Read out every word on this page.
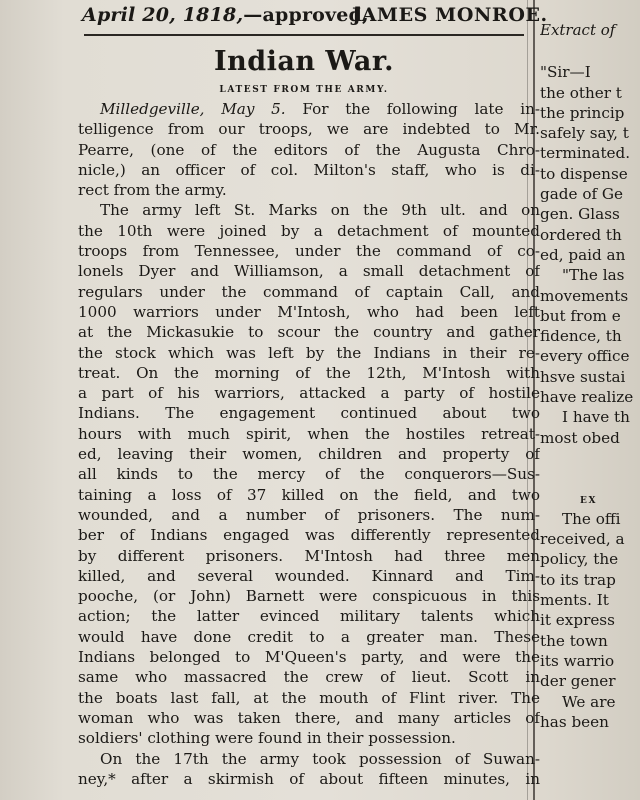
April 20, 1818,—approved,
JAMES MONROE.
Indian War.
LATEST FROM THE ARMY.
Milledgeville, May 5. For the following late in-
telligence from our troops, we are indebted to Mr.
Pearre, (one of the editors of the Augusta Chro-
nicle,) an officer of col. Milton's staff, who is di-
rect from the army.
The army left St. Marks on the 9th ult. and on
the 10th were joined by a detachment of mounted
troops from Tennessee, under the command of co-
lonels Dyer and Williamson, a small detachment of
regulars under the command of captain Call, and
1000 warriors under M'Intosh, who had been left
at the Mickasukie to scour the country and gather
the stock which was left by the Indians in their re-
treat. On the morning of the 12th, M'Intosh with
a part of his warriors, attacked a party of hostile
Indians. The engagement continued about two
hours with much spirit, when the hostiles retreat-
ed, leaving their women, children and property of
all kinds to the mercy of the conquerors—Sus-
taining a loss of 37 killed on the field, and two
wounded, and a number of prisoners. The num-
ber of Indians engaged was differently represented
by different prisoners. M'Intosh had three men
killed, and several wounded. Kinnard and Tim-
pooche, (or John) Barnett were conspicuous in this
action; the latter evinced military talents which
would have done credit to a greater man. These
Indians belonged to M'Queen's party, and were the
same who massacred the crew of lieut. Scott in
the boats last fall, at the mouth of Flint river. The
woman who was taken there, and many articles of
soldiers' clothing were found in their possession.
On the 17th the army took possession of Suwan-
ney,* after a skirmish of about fifteen minutes, in
Extract of
"Sir—I
the other t
the princip
safely say, t
terminated.
to dispense
gade of Ge
gen. Glass
ordered th
ed, paid an
"The las
movements
but from e
fidence, th
every office
hsve sustai
have realize
I have th
most obed
EX
The offi
received, a
policy, the
to its trap
ments. It
it express
the town
its warrio
der gener
We are
has been
